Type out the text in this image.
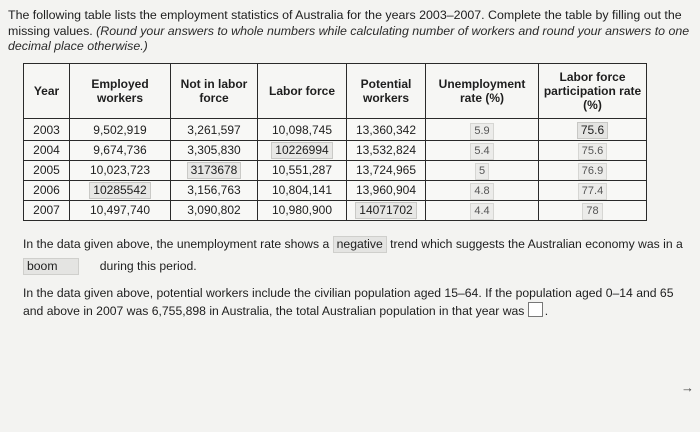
The following table lists the employment statistics of Australia for the years 2003–2007. Complete the table by filling out the missing values. (Round your answers to whole numbers while calculating number of workers and round your answers to one decimal place otherwise.)
Year	Employed workers	Not in labor force	Labor force	Potential workers	Unemployment rate (%)	Labor force participation rate (%)
2003	9,502,919	3,261,597	10,098,745	13,360,342	5.9	75.6
2004	9,674,736	3,305,830	10226994	13,532,824	5.4	75.6
2005	10,023,723	3173678	10,551,287	13,724,965	5	76.9
2006	10285542	3,156,763	10,804,141	13,960,904	4.8	77.4
2007	10,497,740	3,090,802	10,980,900	14071702	4.4	78
In the data given above, the unemployment rate shows a negative trend which suggests the Australian economy was in a
boom	during this period.
In the data given above, potential workers include the civilian population aged 15–64. If the population aged 0–14 and 65 and above in 2007 was 6,755,898 in Australia, the total Australian population in that year was .
→
